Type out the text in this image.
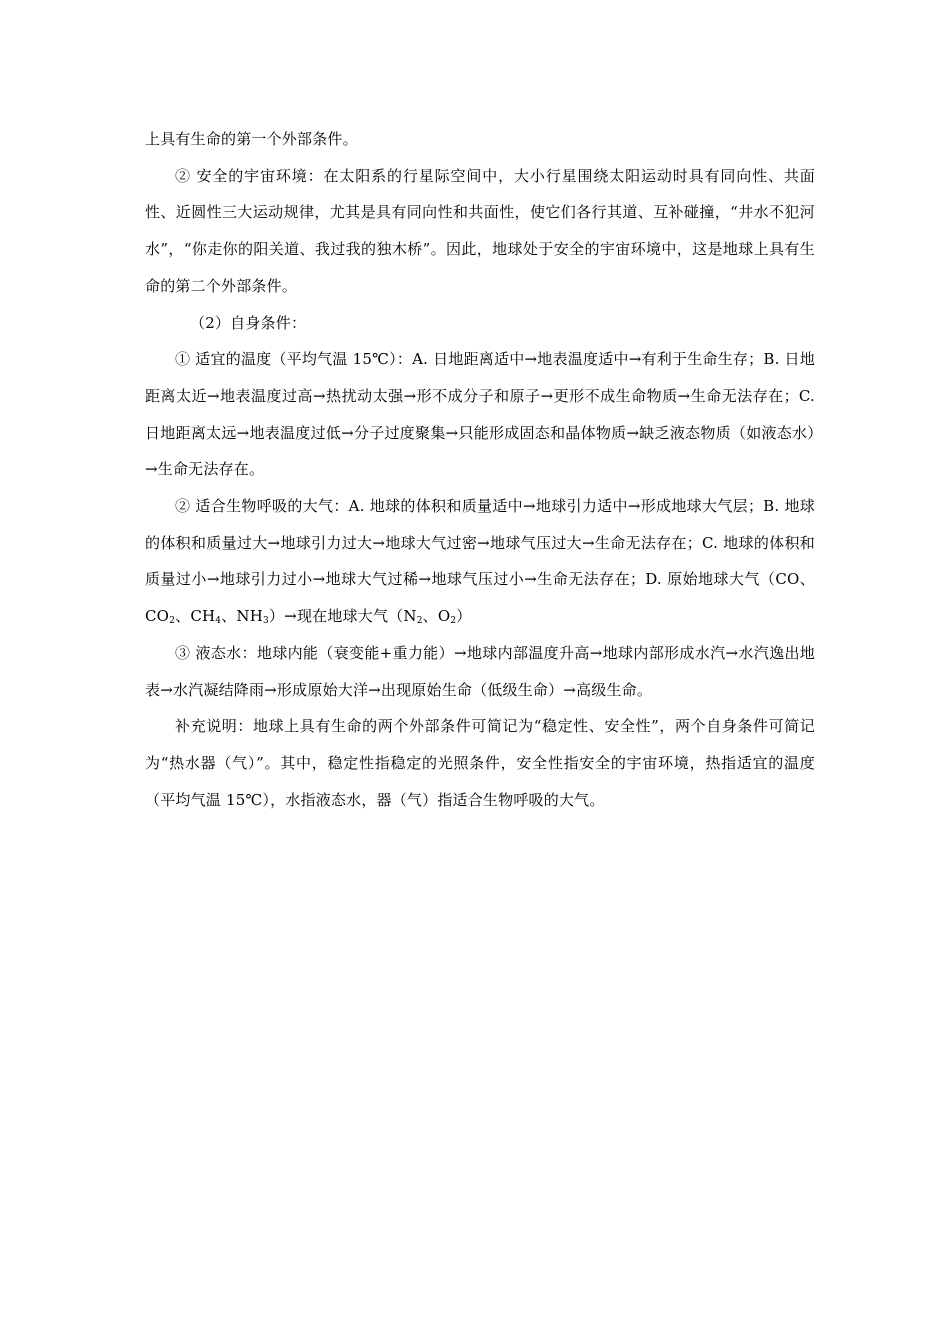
上具有生命的第一个外部条件。

② 安全的宇宙环境：在太阳系的行星际空间中，大小行星围绕太阳运动时具有同向性、共面性、近圆性三大运动规律，尤其是具有同向性和共面性，使它们各行其道、互补碰撞，“井水不犯河水”，“你走你的阳关道、我过我的独木桥”。因此，地球处于安全的宇宙环境中，这是地球上具有生命的第二个外部条件。

（2）自身条件：

① 适宜的温度（平均气温 15℃）：A. 日地距离适中→地表温度适中→有利于生命生存；B. 日地距离太近→地表温度过高→热扰动太强→形不成分子和原子→更形不成生命物质→生命无法存在；C. 日地距离太远→地表温度过低→分子过度聚集→只能形成固态和晶体物质→缺乏液态物质（如液态水）→生命无法存在。

② 适合生物呼吸的大气：A. 地球的体积和质量适中→地球引力适中→形成地球大气层；B. 地球的体积和质量过大→地球引力过大→地球大气过密→地球气压过大→生命无法存在；C. 地球的体积和质量过小→地球引力过小→地球大气过稀→地球气压过小→生命无法存在；D. 原始地球大气（CO、$CO_2$、$CH_4$、$NH_3)\to$现在地球大气（$N_2$、$O_2$）

③ 液态水：地球内能（衰变能+重力能）→地球内部温度升高→地球内部形成水汽→水汽逸出地表→水汽凝结降雨→形成原始大洋→出现原始生命（低级生命）→高级生命。

补充说明：地球上具有生命的两个外部条件可简记为“稳定性、安全性”，两个自身条件可简记为“热水器（气）”。其中，稳定性指稳定的光照条件，安全性指安全的宇宙环境，热指适宜的温度（平均气温 15℃），水指液态水，器（气）指适合生物呼吸的大气。
